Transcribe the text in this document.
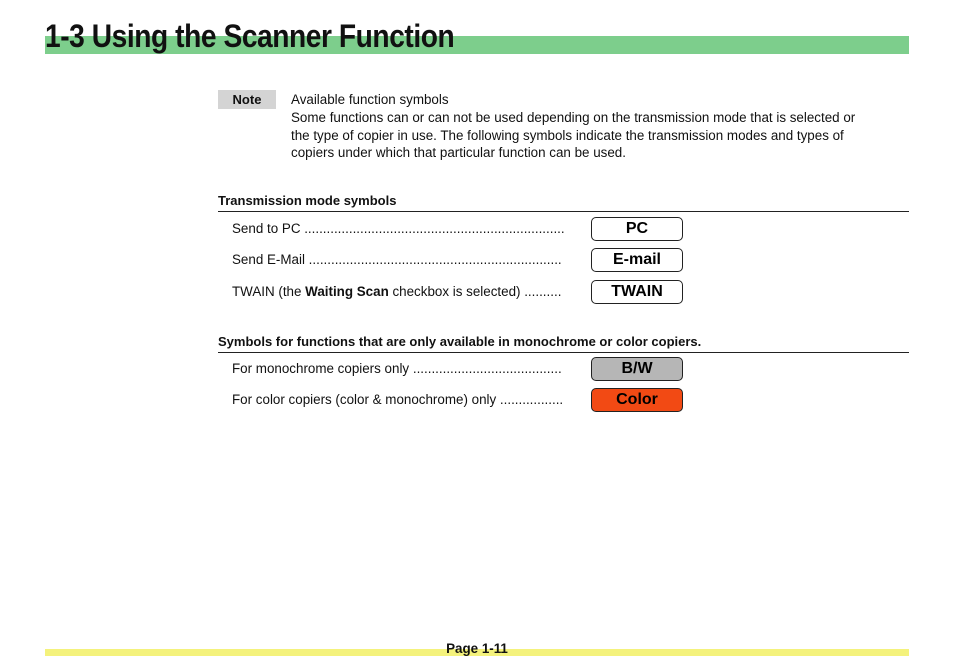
1-3 Using the Scanner Function
Note	Available function symbols
Some functions can or can not be used depending on the transmission mode that is selected or
the type of copier in use. The following symbols indicate the transmission modes and types of
copiers under which that particular function can be used.
Transmission mode symbols
Send to PC ......................................................................	PC
Send E-Mail ....................................................................	E-mail
TWAIN (the Waiting Scan checkbox is selected) ..........	TWAIN
Symbols for functions that are only available in monochrome or color copiers.
For monochrome copiers only ........................................	B/W
For color copiers (color & monochrome) only .................	Color
Page 1-11
